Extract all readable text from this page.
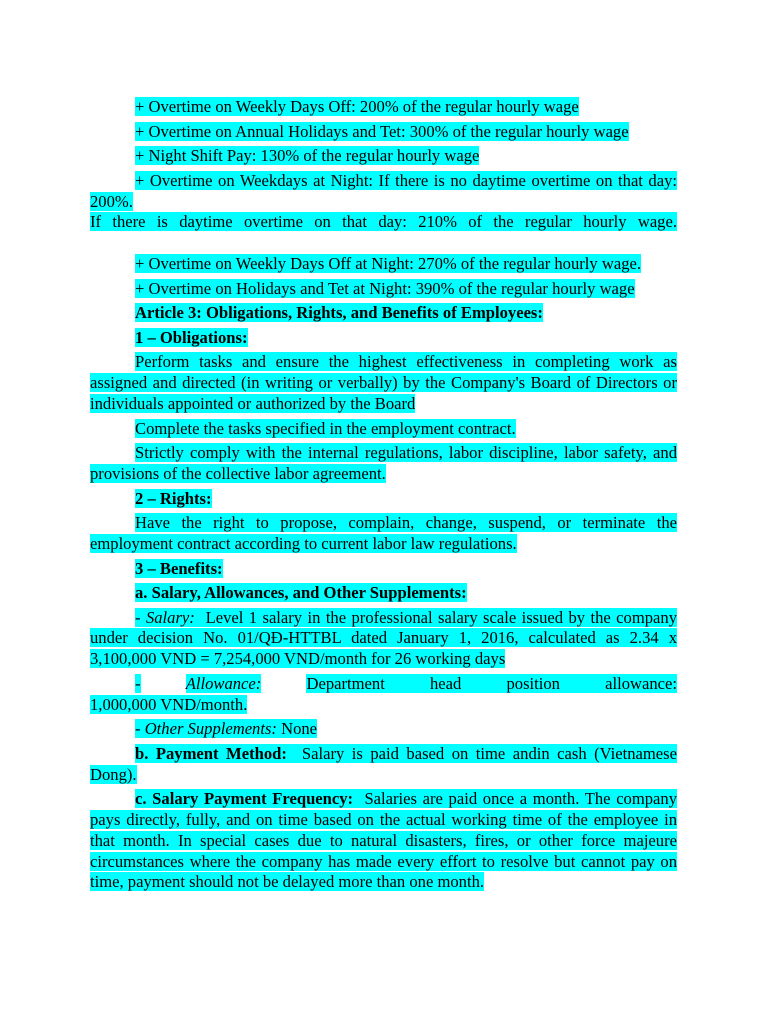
+ Overtime on Weekly Days Off: 200% of the regular hourly wage

+ Overtime on Annual Holidays and Tet: 300% of the regular hourly wage

+ Night Shift Pay: 130% of the regular hourly wage

+ Overtime on Weekdays at Night: If there is no daytime overtime on that day: 200%.
If there is daytime overtime on that day: 210% of the regular hourly wage.

+ Overtime on Weekly Days Off at Night: 270% of the regular hourly wage.

+ Overtime on Holidays and Tet at Night: 390% of the regular hourly wage

Article 3: Obligations, Rights, and Benefits of Employees:

1 – Obligations:

Perform tasks and ensure the highest effectiveness in completing work as assigned and directed (in writing or verbally) by the Company's Board of Directors or individuals appointed or authorized by the Board

Complete the tasks specified in the employment contract.

Strictly comply with the internal regulations, labor discipline, labor safety, and provisions of the collective labor agreement.

2 – Rights:

Have the right to propose, complain, change, suspend, or terminate the employment contract according to current labor law regulations.

3 – Benefits:

a. Salary, Allowances, and Other Supplements:

- Salary: Level 1 salary in the professional salary scale issued by the company under decision No. 01/QĐ-HTTBL dated January 1, 2016, calculated as 2.34 x 3,100,000 VND = 7,254,000 VND/month for 26 working days

-	Allowance:	Department head position allowance:

1,000,000 VND/month.

- Other Supplements: None

b. Payment Method: Salary is paid based on time andin cash (Vietnamese Dong).

c. Salary Payment Frequency: Salaries are paid once a month. The company pays directly, fully, and on time based on the actual working time of the employee in that month. In special cases due to natural disasters, fires, or other force majeure circumstances where the company has made every effort to resolve but cannot pay on time, payment should not be delayed more than one month.
